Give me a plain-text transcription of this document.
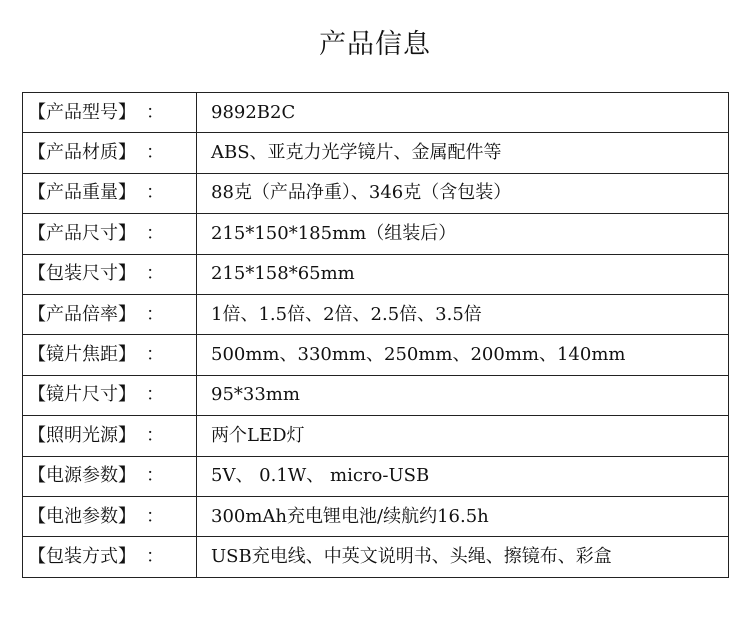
产品信息
【产品型号】 ：	9892B2C

【产品材质】 ：	ABS、亚克力光学镜片、金属配件等

【产品重量】 ：	88克（产品净重）、346克（含包装）

【产品尺寸】 ：	215*150*185mm（组装后）

【包装尺寸】 ：	215*158*65mm

【产品倍率】 ：	1倍、1.5倍、2倍、2.5倍、3.5倍

【镜片焦距】 ：	500mm、330mm、250mm、200mm、140mm

【镜片尺寸】 ：	95*33mm

【照明光源】 ：	两个LED灯

【电源参数】 ：	5V、 0.1W、 micro-USB

【电池参数】 ：	300mAh充电锂电池/续航约16.5h

【包装方式】 ：	USB充电线、中英文说明书、头绳、擦镜布、彩盒
